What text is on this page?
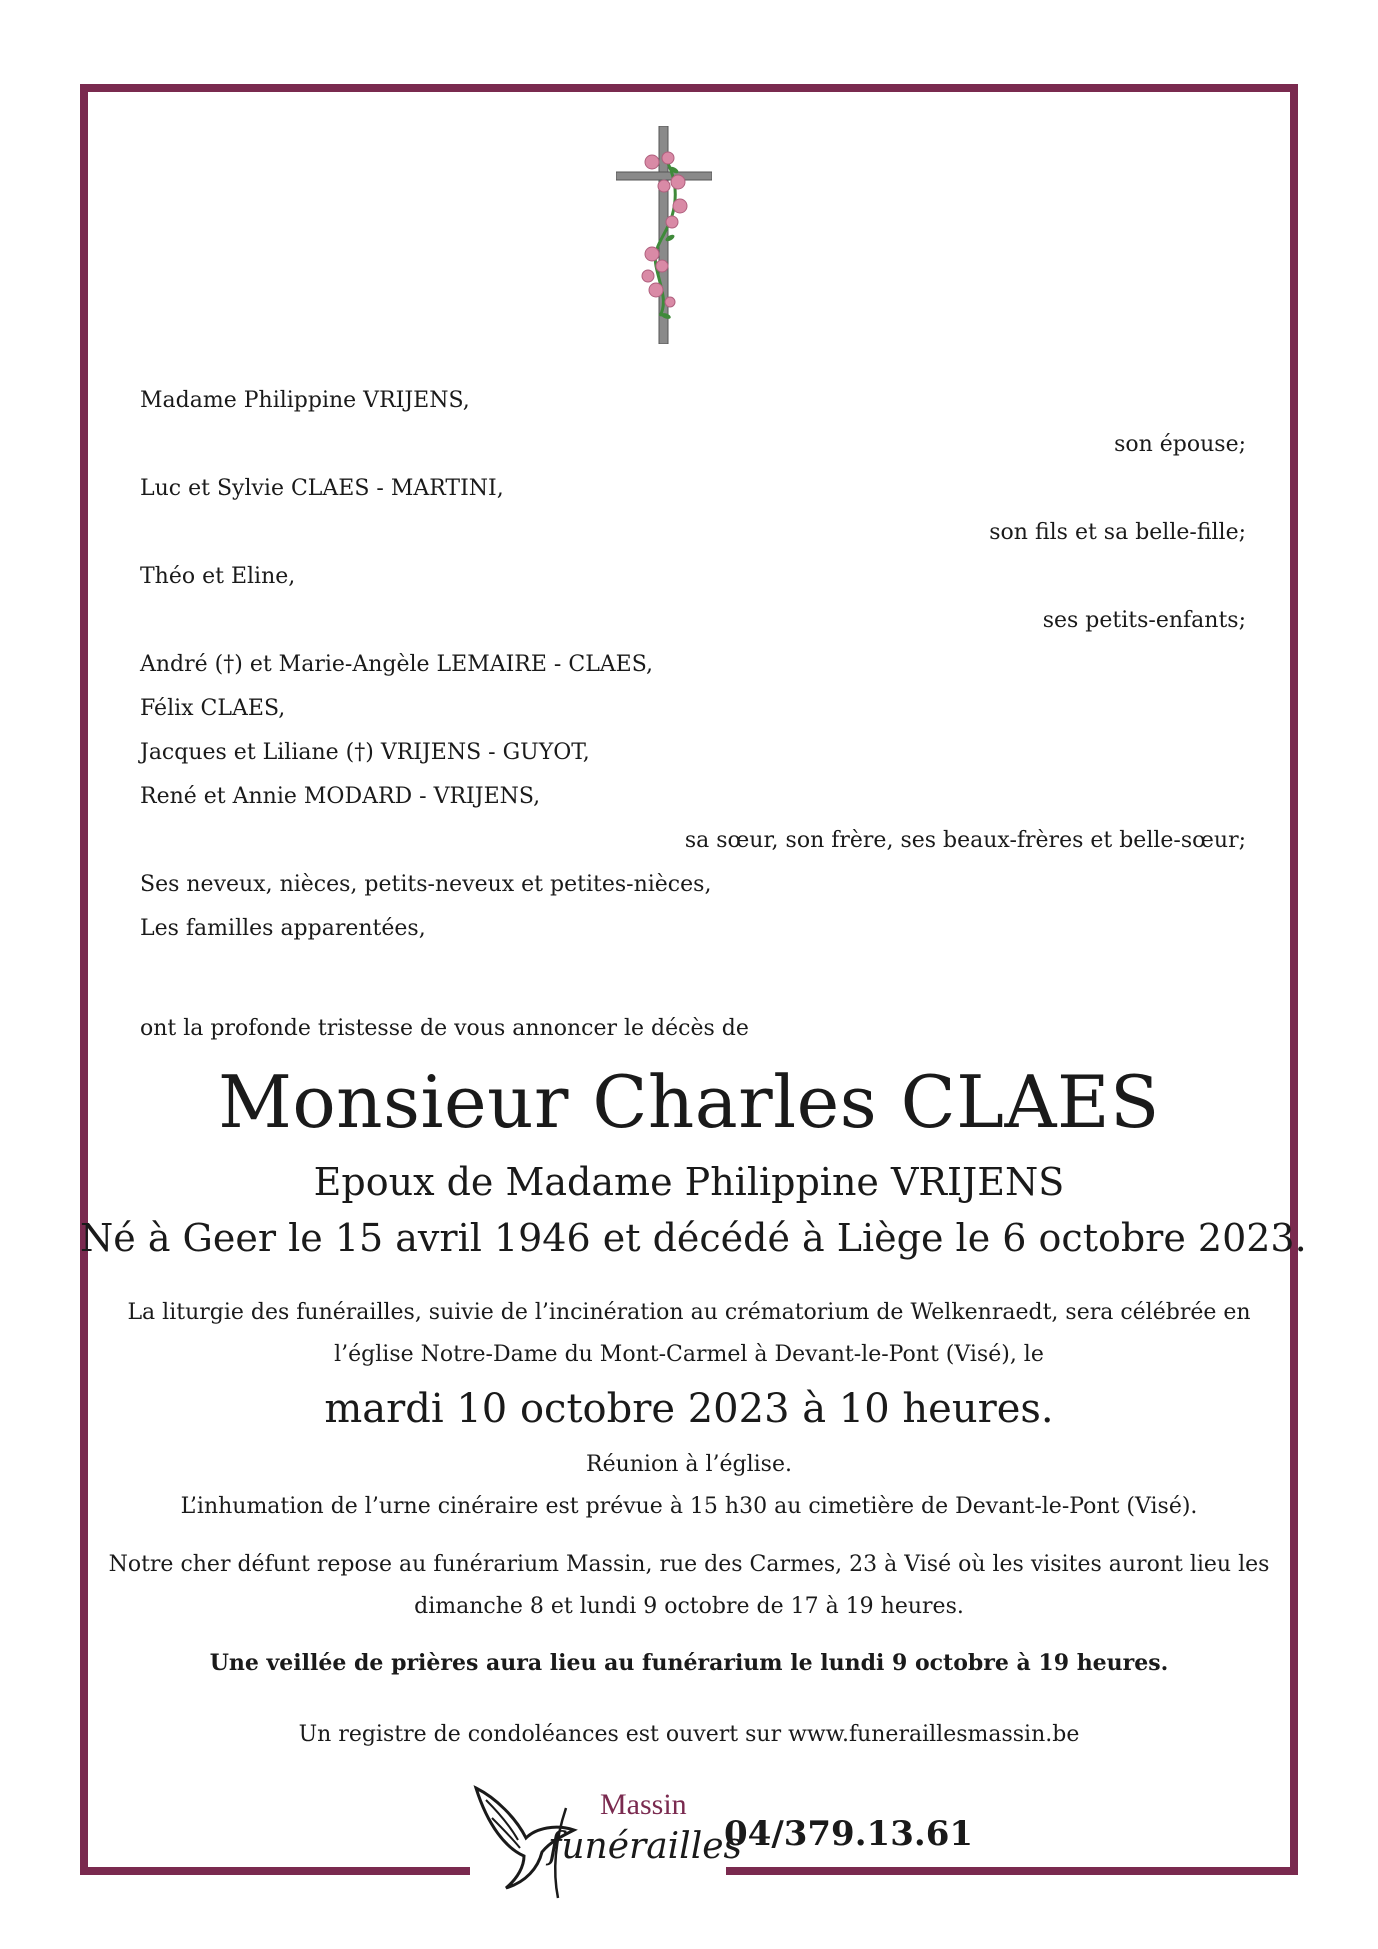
Madame Philippine VRIJENS,
son épouse;
Luc et Sylvie CLAES - MARTINI,
son fils et sa belle-fille;
Théo et Eline,
ses petits-enfants;
André (†) et Marie-Angèle LEMAIRE - CLAES,
Félix CLAES,
Jacques et Liliane (†) VRIJENS - GUYOT,
René et Annie MODARD - VRIJENS,
sa sœur, son frère, ses beaux-frères et belle-sœur;
Ses neveux, nièces, petits-neveux et petites-nièces,
Les familles apparentées,
ont la profonde tristesse de vous annoncer le décès de
Monsieur Charles CLAES
Epoux de Madame Philippine VRIJENS
Né à Geer le 15 avril 1946 et décédé à Liège le 6 octobre 2023.
La liturgie des funérailles, suivie de l’incinération au crématorium de Welkenraedt, sera célébrée en
l’église Notre-Dame du Mont-Carmel à Devant-le-Pont (Visé), le
mardi 10 octobre 2023 à 10 heures.
Réunion à l’église.
L’inhumation de l’urne cinéraire est prévue à 15 h30 au cimetière de Devant-le-Pont (Visé).
Notre cher défunt repose au funérarium Massin, rue des Carmes, 23 à Visé où les visites auront lieu les
dimanche 8 et lundi 9 octobre de 17 à 19 heures.
Une veillée de prières aura lieu au funérarium le lundi 9 octobre à 19 heures.
Un registre de condoléances est ouvert sur www.funeraillesmassin.be
Massin
funérailles
04/379.13.61
